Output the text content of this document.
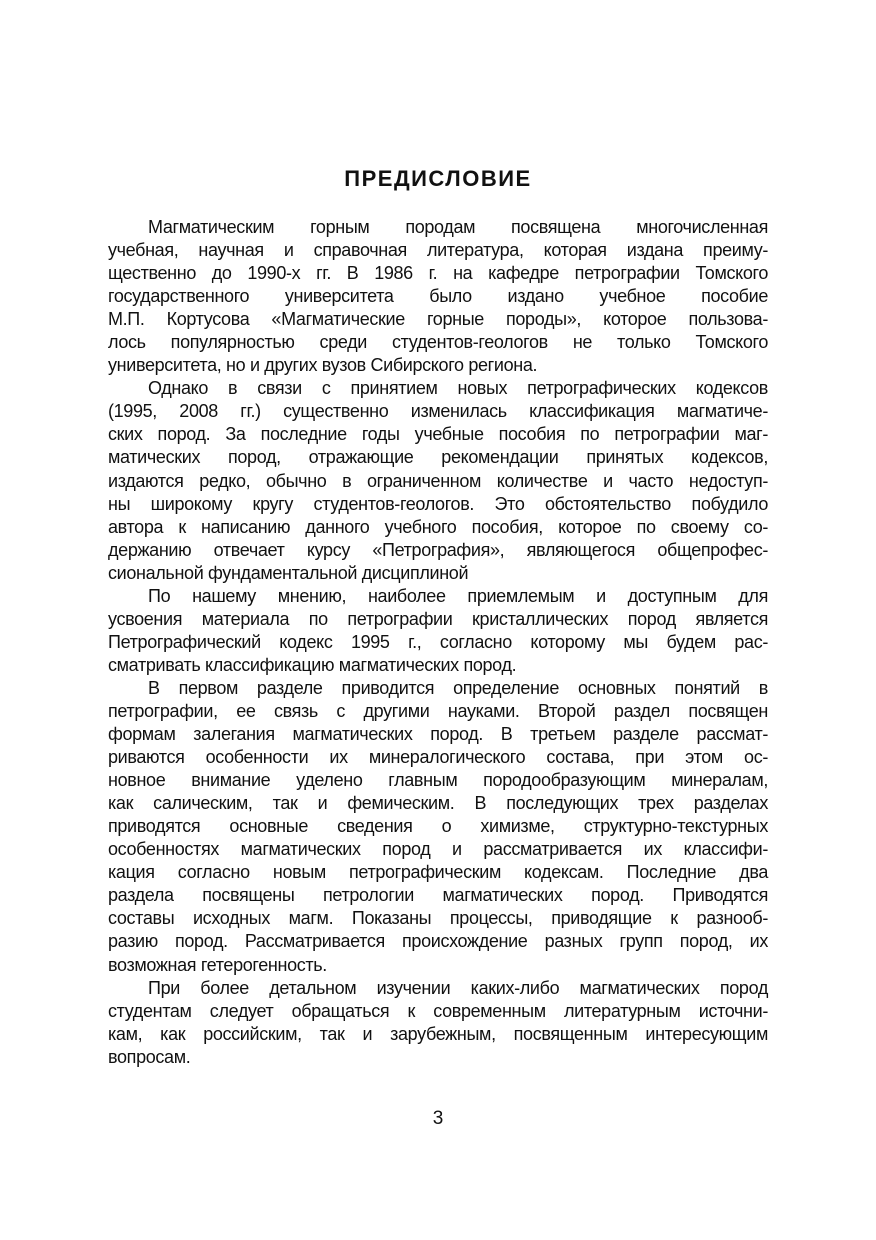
ПРЕДИСЛОВИЕ
Магматическим горным породам посвящена многочисленная
учебная, научная и справочная литература, которая издана преиму-
щественно до 1990-х гг. В 1986 г. на кафедре петрографии Томского
государственного университета было издано учебное пособие
М.П. Кортусова «Магматические горные породы», которое пользова-
лось популярностью среди студентов-геологов не только Томского
университета, но и других вузов Сибирского региона.
Однако в связи с принятием новых петрографических кодексов
(1995, 2008 гг.) существенно изменилась классификация магматиче-
ских пород. За последние годы учебные пособия по петрографии маг-
матических пород, отражающие рекомендации принятых кодексов,
издаются редко, обычно в ограниченном количестве и часто недоступ-
ны широкому кругу студентов-геологов. Это обстоятельство побудило
автора к написанию данного учебного пособия, которое по своему со-
держанию отвечает курсу «Петрография», являющегося общепрофес-
сиональной фундаментальной дисциплиной
По нашему мнению, наиболее приемлемым и доступным для
усвоения материала по петрографии кристаллических пород является
Петрографический кодекс 1995 г., согласно которому мы будем рас-
сматривать классификацию магматических пород.
В первом разделе приводится определение основных понятий в
петрографии, ее связь с другими науками. Второй раздел посвящен
формам залегания магматических пород. В третьем разделе рассмат-
риваются особенности их минералогического состава, при этом ос-
новное внимание уделено главным породообразующим минералам,
как салическим, так и фемическим. В последующих трех разделах
приводятся основные сведения о химизме, структурно-текстурных
особенностях магматических пород и рассматривается их классифи-
кация согласно новым петрографическим кодексам. Последние два
раздела посвящены петрологии магматических пород. Приводятся
составы исходных магм. Показаны процессы, приводящие к разнооб-
разию пород. Рассматривается происхождение разных групп пород, их
возможная гетерогенность.
При более детальном изучении каких-либо магматических пород
студентам следует обращаться к современным литературным источни-
кам, как российским, так и зарубежным, посвященным интересующим
вопросам.
3
